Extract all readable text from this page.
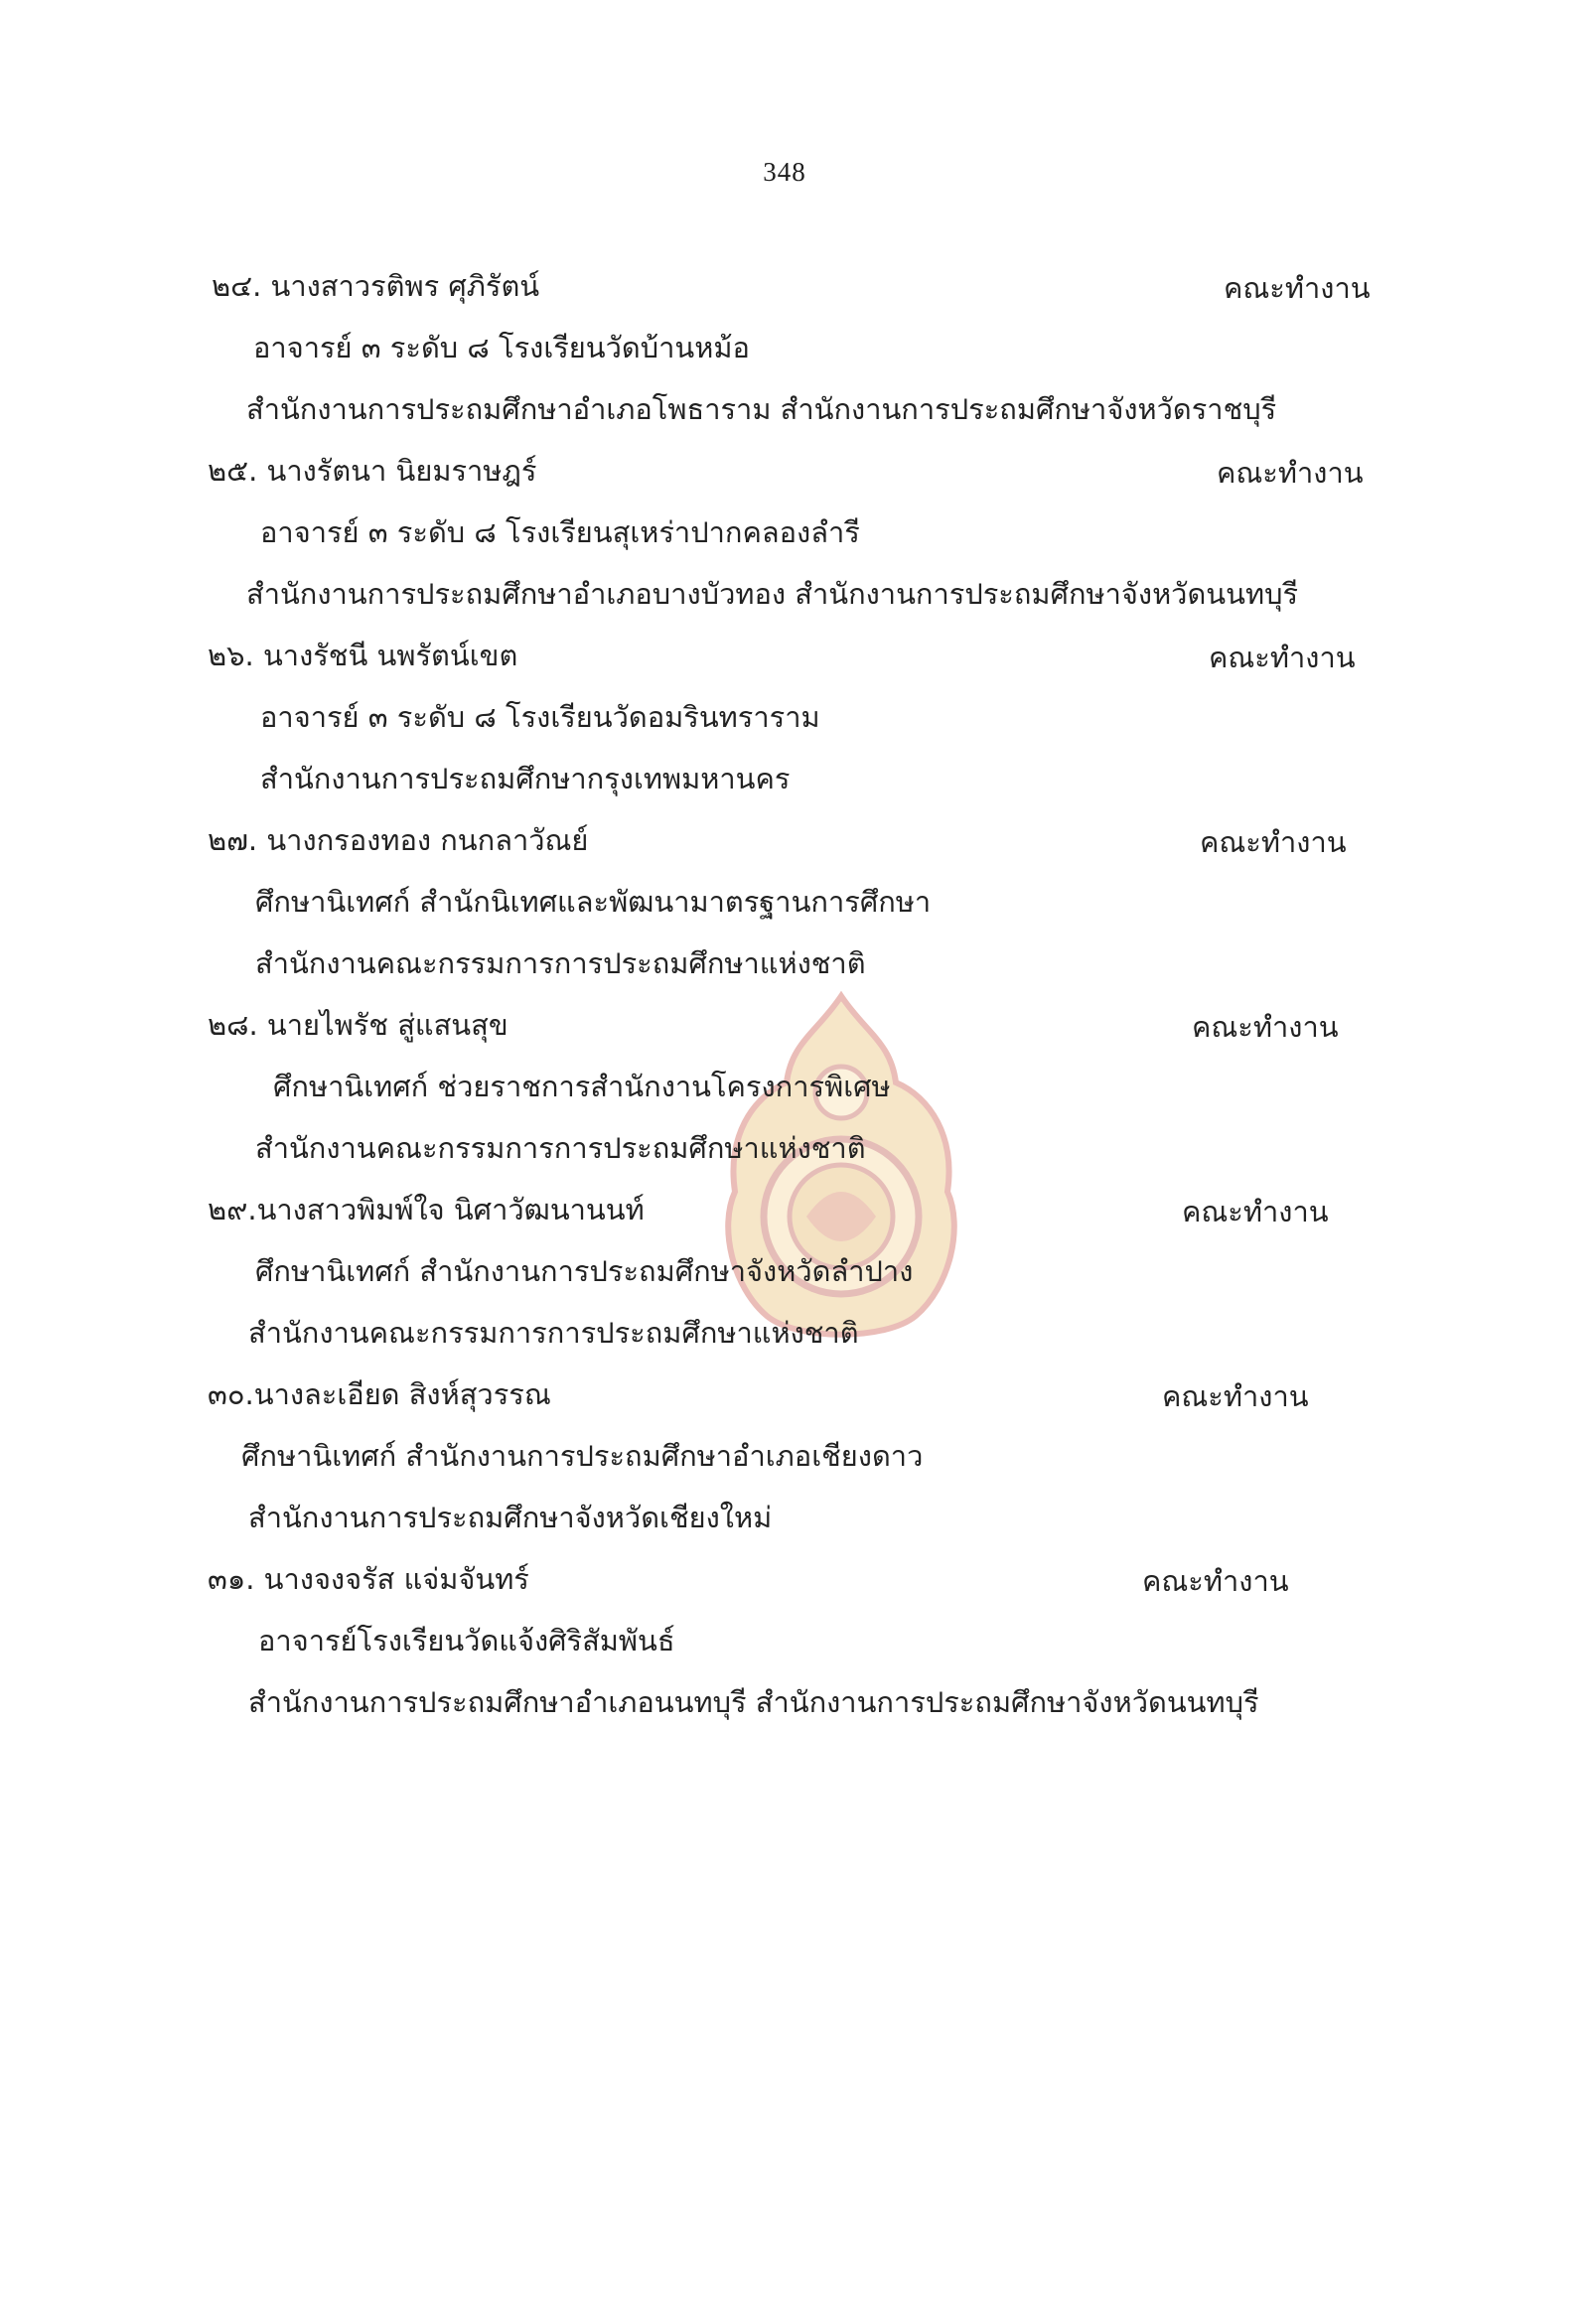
348
๒๔. นางสาวรติพร ศุภิรัตน์	คณะทำงาน
อาจารย์ ๓ ระดับ ๘ โรงเรียนวัดบ้านหม้อ
สำนักงานการประถมศึกษาอำเภอโพธาราม สำนักงานการประถมศึกษาจังหวัดราชบุรี
๒๕. นางรัตนา นิยมราษฎร์	คณะทำงาน
อาจารย์ ๓ ระดับ ๘ โรงเรียนสุเหร่าปากคลองลำรี
สำนักงานการประถมศึกษาอำเภอบางบัวทอง สำนักงานการประถมศึกษาจังหวัดนนทบุรี
๒๖. นางรัชนี นพรัตน์เขต	คณะทำงาน
อาจารย์ ๓ ระดับ ๘ โรงเรียนวัดอมรินทราราม
สำนักงานการประถมศึกษากรุงเทพมหานคร
๒๗. นางกรองทอง กนกลาวัณย์	คณะทำงาน
ศึกษานิเทศก์ สำนักนิเทศและพัฒนามาตรฐานการศึกษา
สำนักงานคณะกรรมการการประถมศึกษาแห่งชาติ
๒๘. นายไพรัช สู่แสนสุข	คณะทำงาน
ศึกษานิเทศก์ ช่วยราชการสำนักงานโครงการพิเศษ
สำนักงานคณะกรรมการการประถมศึกษาแห่งชาติ
๒๙.นางสาวพิมพ์ใจ นิศาวัฒนานนท์	คณะทำงาน
ศึกษานิเทศก์ สำนักงานการประถมศึกษาจังหวัดลำปาง
สำนักงานคณะกรรมการการประถมศึกษาแห่งชาติ
๓๐.นางละเอียด สิงห์สุวรรณ	คณะทำงาน
ศึกษานิเทศก์ สำนักงานการประถมศึกษาอำเภอเชียงดาว
สำนักงานการประถมศึกษาจังหวัดเชียงใหม่
๓๑. นางจงจรัส แจ่มจันทร์	คณะทำงาน
อาจารย์โรงเรียนวัดแจ้งศิริสัมพันธ์
สำนักงานการประถมศึกษาอำเภอนนทบุรี สำนักงานการประถมศึกษาจังหวัดนนทบุรี
